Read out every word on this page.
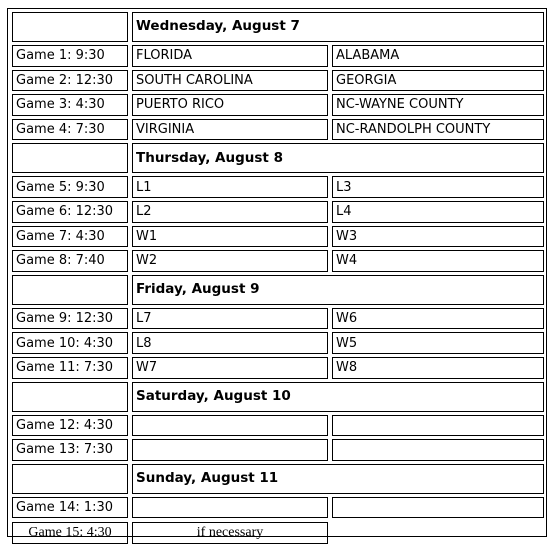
Wednesday, August 7
Game 1: 9:30	FLORIDA	ALABAMA
Game 2: 12:30	SOUTH CAROLINA	GEORGIA
Game 3: 4:30	PUERTO RICO	NC-WAYNE COUNTY
Game 4: 7:30	VIRGINIA	NC-RANDOLPH COUNTY
Thursday, August 8
Game 5: 9:30	L1	L3
Game 6: 12:30	L2	L4
Game 7: 4:30	W1	W3
Game 8: 7:40	W2	W4
Friday, August 9
Game 9: 12:30	L7	W6
Game 10: 4:30	L8	W5
Game 11: 7:30	W7	W8
Saturday, August 10
Game 12: 4:30
Game 13: 7:30
Sunday, August 11
Game 14: 1:30
Game 15: 4:30	if necessary
